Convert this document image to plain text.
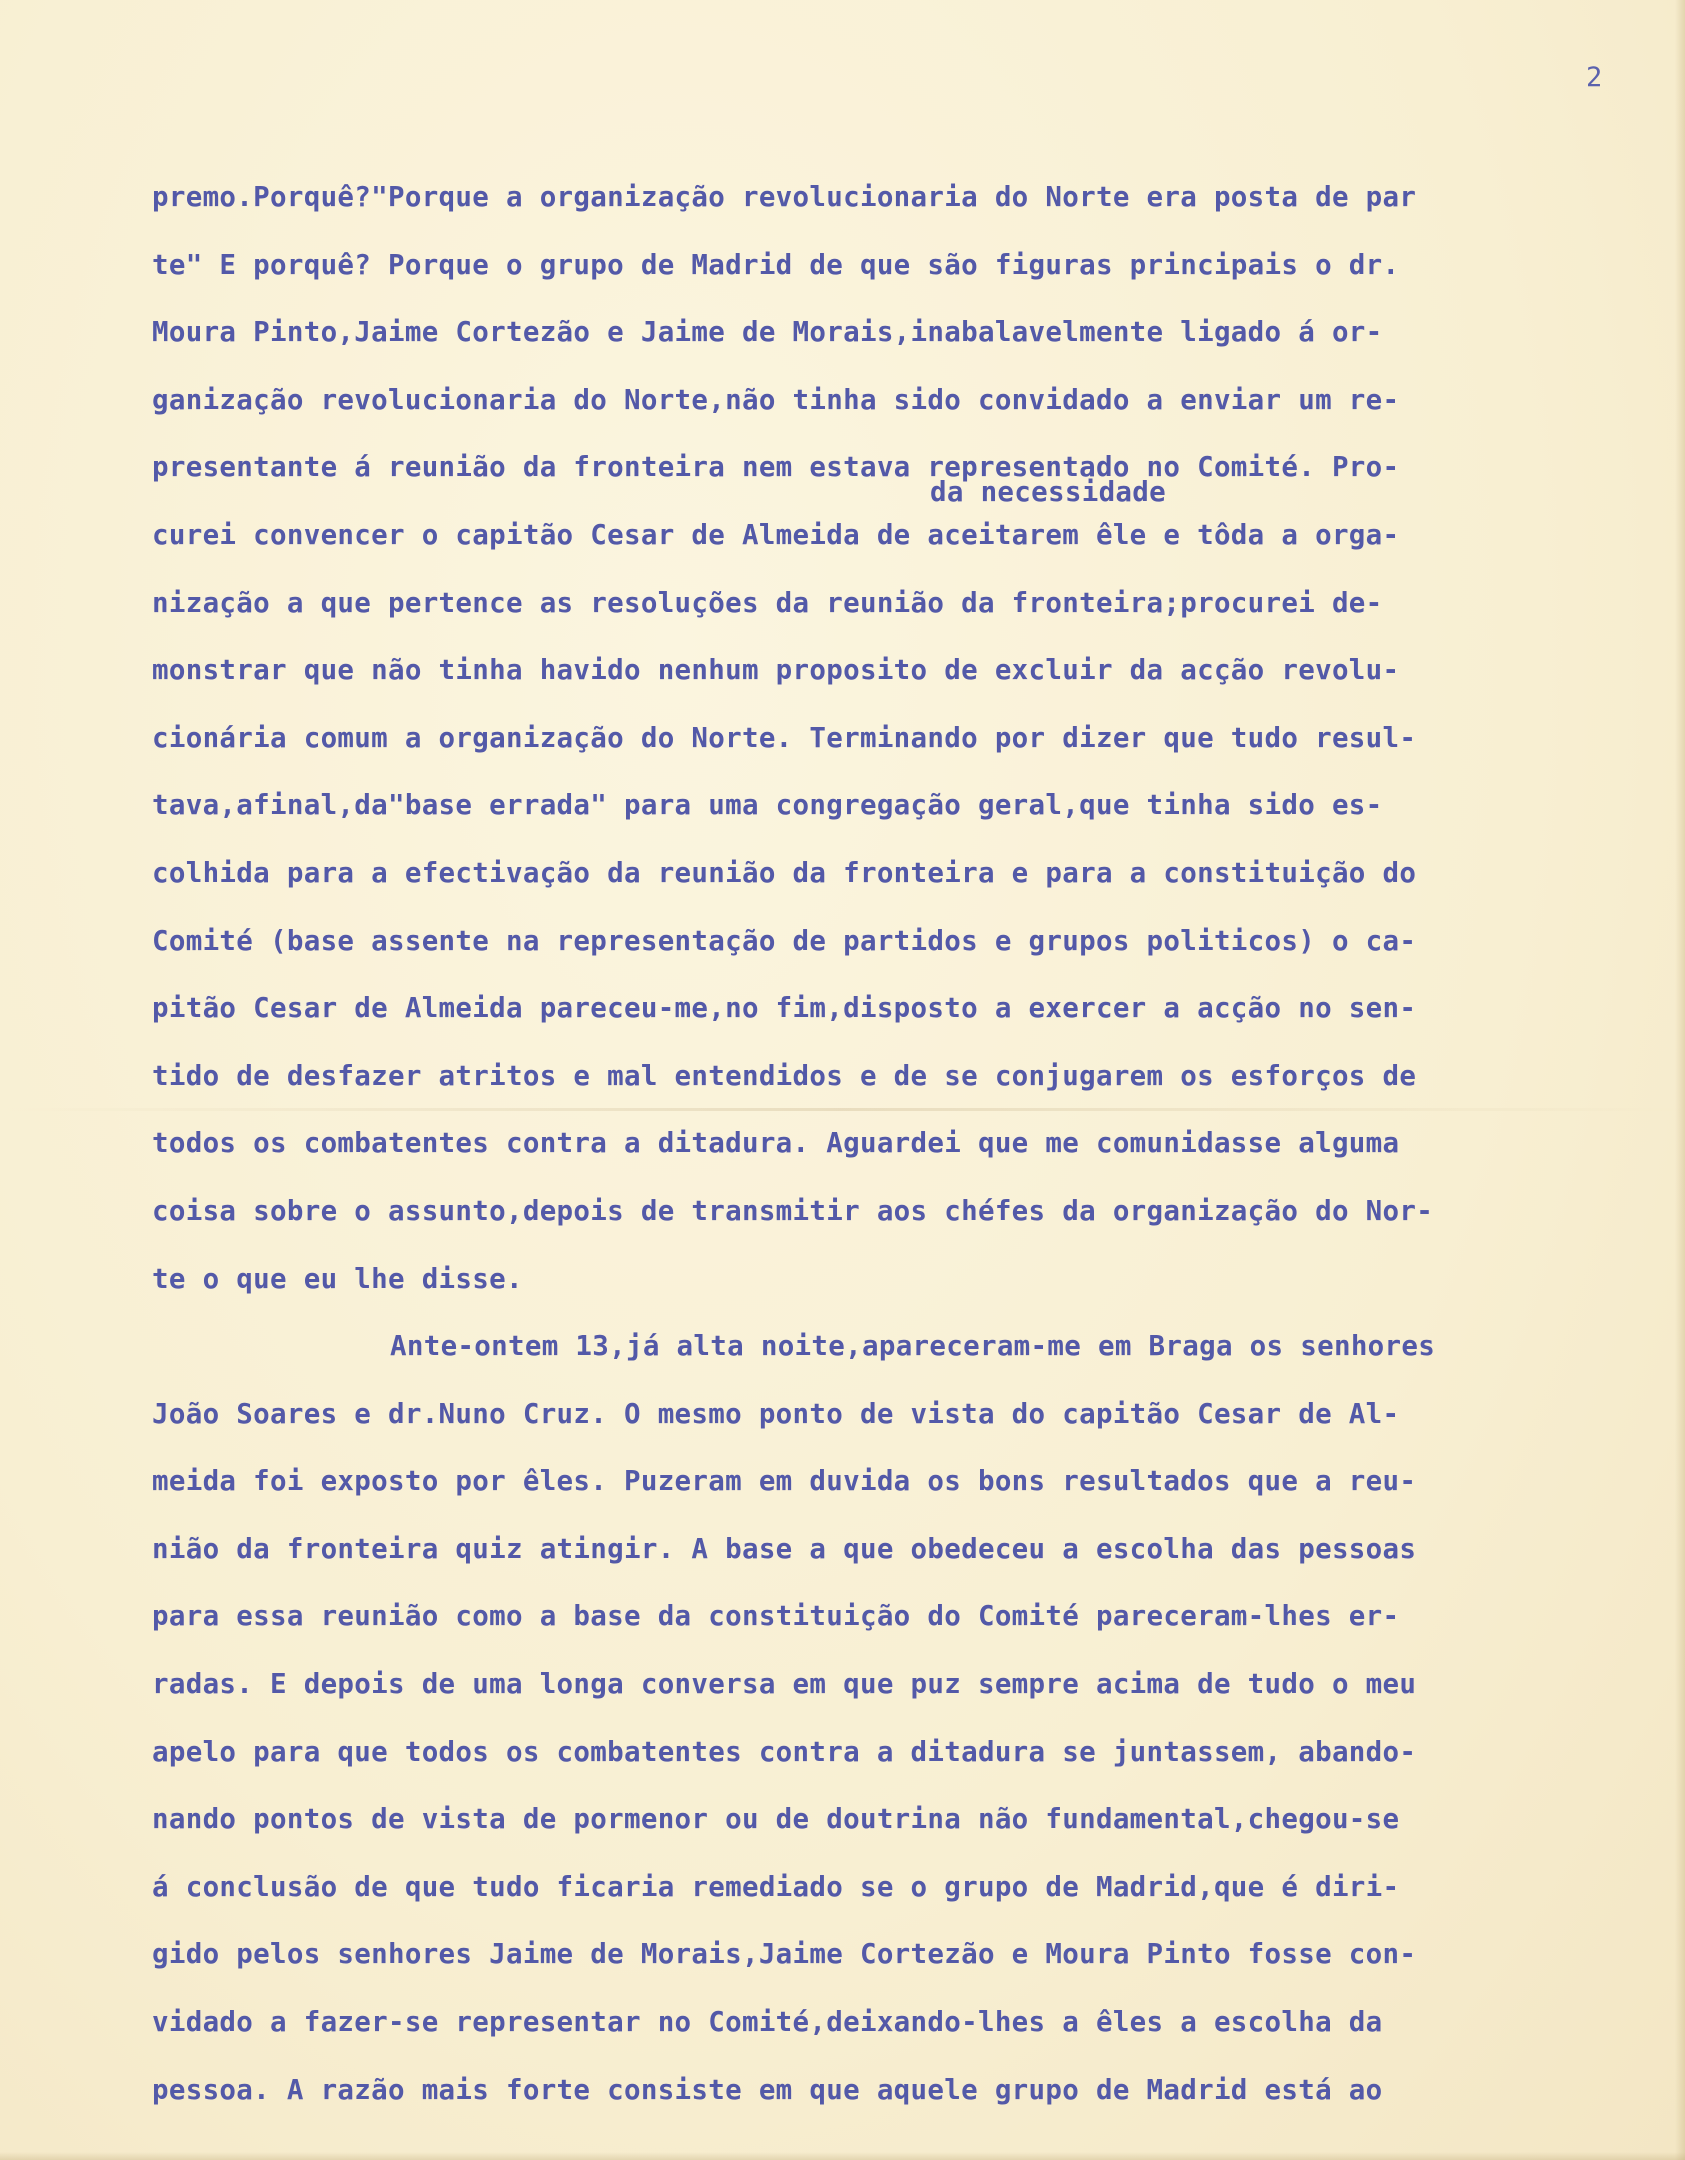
2
da necessidade
premo.Porquê?"Porque a organização revolucionaria do Norte era posta de par
te" E porquê? Porque o grupo de Madrid de que são figuras principais o dr.
Moura Pinto,Jaime Cortezão e Jaime de Morais,inabalavelmente ligado á or-
ganização revolucionaria do Norte,não tinha sido convidado a enviar um re-
presentante á reunião da fronteira nem estava representado no Comité. Pro-
curei convencer o capitão Cesar de Almeida de aceitarem êle e tôda a orga-
nização a que pertence as resoluções da reunião da fronteira;procurei de-
monstrar que não tinha havido nenhum proposito de excluir da acção revolu-
cionária comum a organização do Norte. Terminando por dizer que tudo resul-
tava,afinal,da"base errada" para uma congregação geral,que tinha sido es-
colhida para a efectivação da reunião da fronteira e para a constituição do
Comité (base assente na representação de partidos e grupos politicos) o ca-
pitão Cesar de Almeida pareceu-me,no fim,disposto a exercer a acção no sen-
tido de desfazer atritos e mal entendidos e de se conjugarem os esforços de
todos os combatentes contra a ditadura. Aguardei que me comunidasse alguma
coisa sobre o assunto,depois de transmitir aos chéfes da organização do Nor-
te o que eu lhe disse.
Ante-ontem 13,já alta noite,apareceram-me em Braga os senhores
João Soares e dr.Nuno Cruz. O mesmo ponto de vista do capitão Cesar de Al-
meida foi exposto por êles. Puzeram em duvida os bons resultados que a reu-
nião da fronteira quiz atingir. A base a que obedeceu a escolha das pessoas
para essa reunião como a base da constituição do Comité pareceram-lhes er-
radas. E depois de uma longa conversa em que puz sempre acima de tudo o meu
apelo para que todos os combatentes contra a ditadura se juntassem, abando-
nando pontos de vista de pormenor ou de doutrina não fundamental,chegou-se
á conclusão de que tudo ficaria remediado se o grupo de Madrid,que é diri-
gido pelos senhores Jaime de Morais,Jaime Cortezão e Moura Pinto fosse con-
vidado a fazer-se representar no Comité,deixando-lhes a êles a escolha da
pessoa. A razão mais forte consiste em que aquele grupo de Madrid está ao
